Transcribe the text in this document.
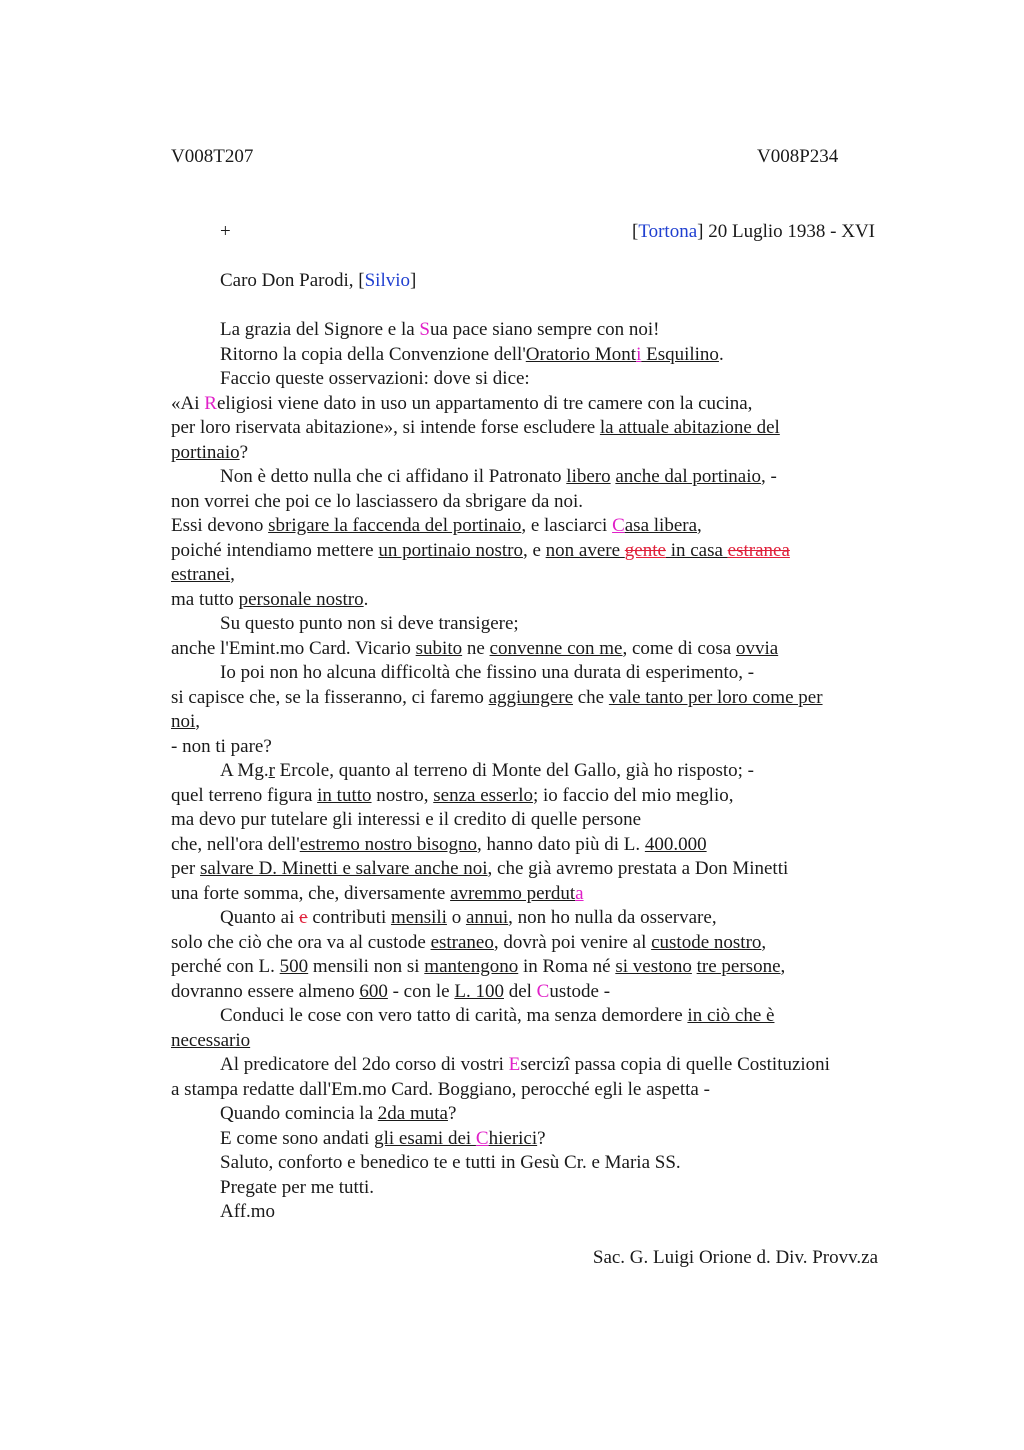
V008T207	V008P234
+	[Tortona] 20 Luglio 1938 - XVI
Caro Don Parodi, [Silvio]
La grazia del Signore e la Sua pace siano sempre con noi!
Ritorno la copia della Convenzione dell'Oratorio Monti Esquilino.
Faccio queste osservazioni: dove si dice:
«Ai Religiosi viene dato in uso un appartamento di tre camere con la cucina,
per loro riservata abitazione», si intende forse escludere la attuale abitazione del
portinaio?
Non è detto nulla che ci affidano il Patronato libero anche dal portinaio, -
non vorrei che poi ce lo lasciassero da sbrigare da noi.
Essi devono sbrigare la faccenda del portinaio, e lasciarci Casa libera,
poiché intendiamo mettere un portinaio nostro, e non avere gente in casa estranea
estranei,
ma tutto personale nostro.
Su questo punto non si deve transigere;
anche l'Emint.mo Card. Vicario subito ne convenne con me, come di cosa ovvia
Io poi non ho alcuna difficoltà che fissino una durata di esperimento, -
si capisce che, se la fisseranno, ci faremo aggiungere che vale tanto per loro come per
noi,
- non ti pare?
A Mg.r Ercole, quanto al terreno di Monte del Gallo, già ho risposto; -
quel terreno figura in tutto nostro, senza esserlo; io faccio del mio meglio,
ma devo pur tutelare gli interessi e il credito di quelle persone
che, nell'ora dell'estremo nostro bisogno, hanno dato più di L. 400.000
per salvare D. Minetti e salvare anche noi, che già avremo prestata a Don Minetti
una forte somma, che, diversamente avremmo perduta
Quanto ai e contributi mensili o annui, non ho nulla da osservare,
solo che ciò che ora va al custode estraneo, dovrà poi venire al custode nostro,
perché con L. 500 mensili non si mantengono in Roma né si vestono tre persone,
dovranno essere almeno 600 - con le L. 100 del Custode -
Conduci le cose con vero tatto di carità, ma senza demordere in ciò che è
necessario
Al predicatore del 2do corso di vostri Esercizî passa copia di quelle Costituzioni
a stampa redatte dall'Em.mo Card. Boggiano, perocché egli le aspetta -
Quando comincia la 2da muta?
E come sono andati gli esami dei Chierici?
Saluto, conforto e benedico te e tutti in Gesù Cr. e Maria SS.
Pregate per me tutti.
Aff.mo
Sac. G. Luigi Orione d. Div. Provv.za
